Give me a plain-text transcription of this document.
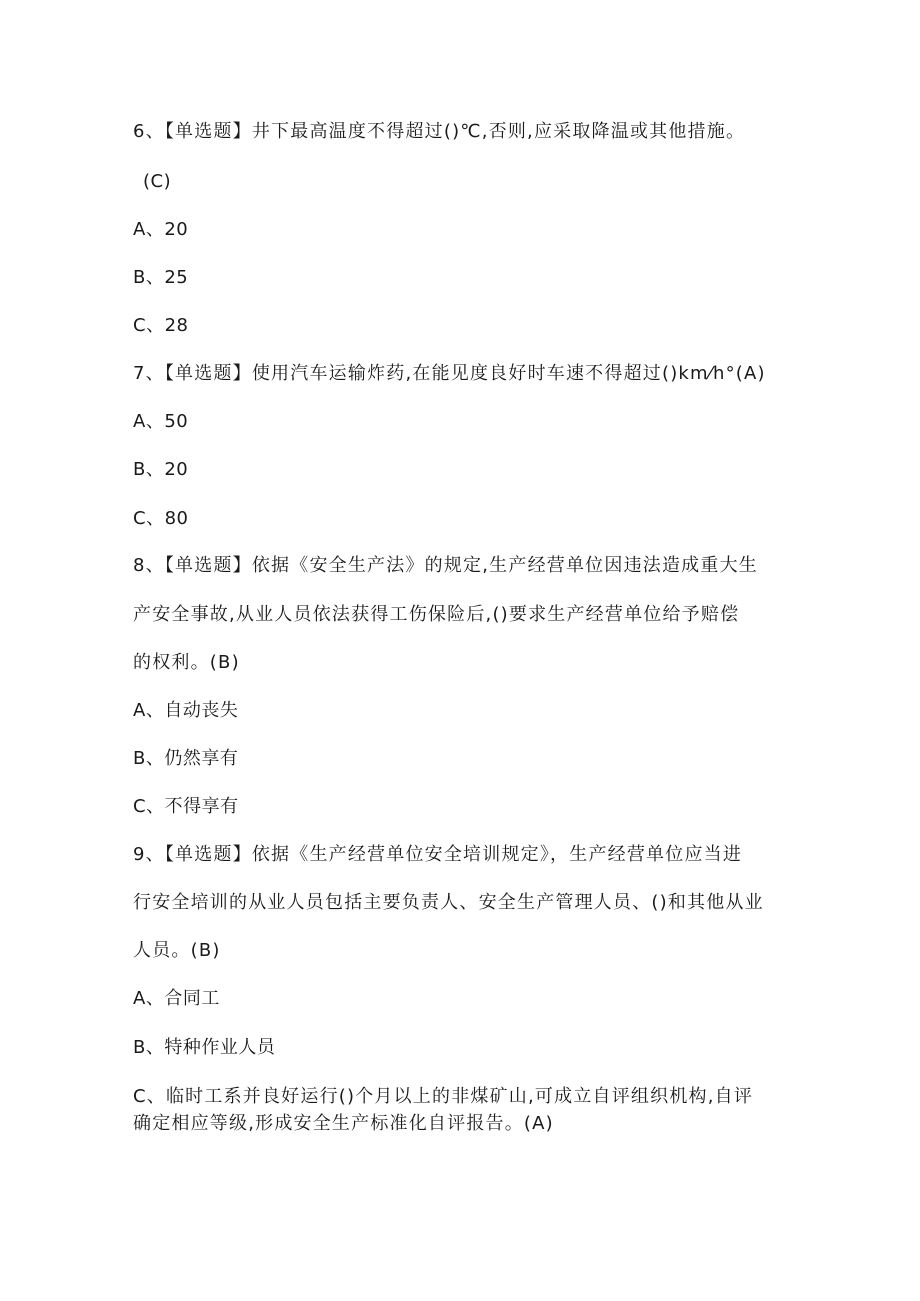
6、【单选题】井下最高温度不得超过()℃,否则,应采取降温或其他措施。
(C)
A、20
B、25
C、28
7、【单选题】使用汽车运输炸药,在能见度良好时车速不得超过()km⁄h°(A)
A、50
B、20
C、80
8、【单选题】依据《安全生产法》的规定,生产经营单位因违法造成重大生
产安全事故,从业人员依法获得工伤保险后,()要求生产经营单位给予赔偿
的权利。(B)
A、自动丧失
B、仍然享有
C、不得享有
9、【单选题】依据《生产经营单位安全培训规定》，生产经营单位应当进
行安全培训的从业人员包括主要负责人、安全生产管理人员、()和其他从业
人员。(B)
A、合同工
B、特种作业人员
C、临时工系并良好运行()个月以上的非煤矿山,可成立自评组织机构,自评
确定相应等级,形成安全生产标准化自评报告。(A)
